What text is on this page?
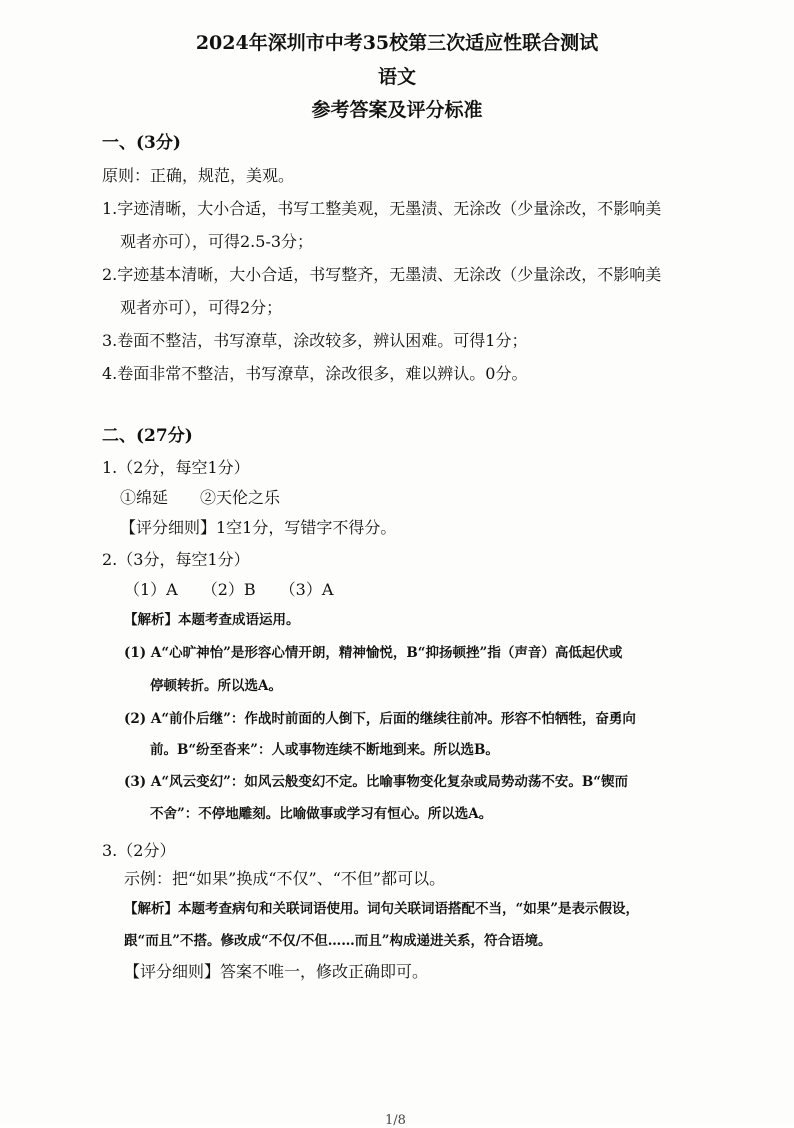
2024年深圳市中考35校第三次适应性联合测试
语文
参考答案及评分标准
一、(3分)
原则：正确，规范，美观。
1.字迹清晰，大小合适，书写工整美观，无墨渍、无涂改（少量涂改，不影响美
观者亦可），可得2.5-3分；
2.字迹基本清晰，大小合适，书写整齐，无墨渍、无涂改（少量涂改，不影响美
观者亦可），可得2分；
3.卷面不整洁，书写潦草，涂改较多，辨认困难。可得1分；
4.卷面非常不整洁，书写潦草，涂改很多，难以辨认。0分。
二、(27分)
1.（2分，每空1分）
①绵延　　②天伦之乐
【评分细则】1空1分，写错字不得分。
2.（3分，每空1分）
（1）A　　（2）B　　（3）A
【解析】本题考查成语运用。
(1) A“心旷神怡”是形容心情开朗，精神愉悦，B“抑扬顿挫”指（声音）高低起伏或
停顿转折。所以选A。
(2) A“前仆后继”：作战时前面的人倒下，后面的继续往前冲。形容不怕牺牲，奋勇向
前。B“纷至沓来”：人或事物连续不断地到来。所以选B。
(3) A“风云变幻”：如风云般变幻不定。比喻事物变化复杂或局势动荡不安。B“锲而
不舍”：不停地雕刻。比喻做事或学习有恒心。所以选A。
3.（2分）
示例：把“如果”换成“不仅”、“不但”都可以。
【解析】本题考查病句和关联词语使用。词句关联词语搭配不当，“如果”是表示假设，
跟“而且”不搭。修改成“不仅/不但……而且”构成递进关系，符合语境。
【评分细则】答案不唯一，修改正确即可。
1/8
